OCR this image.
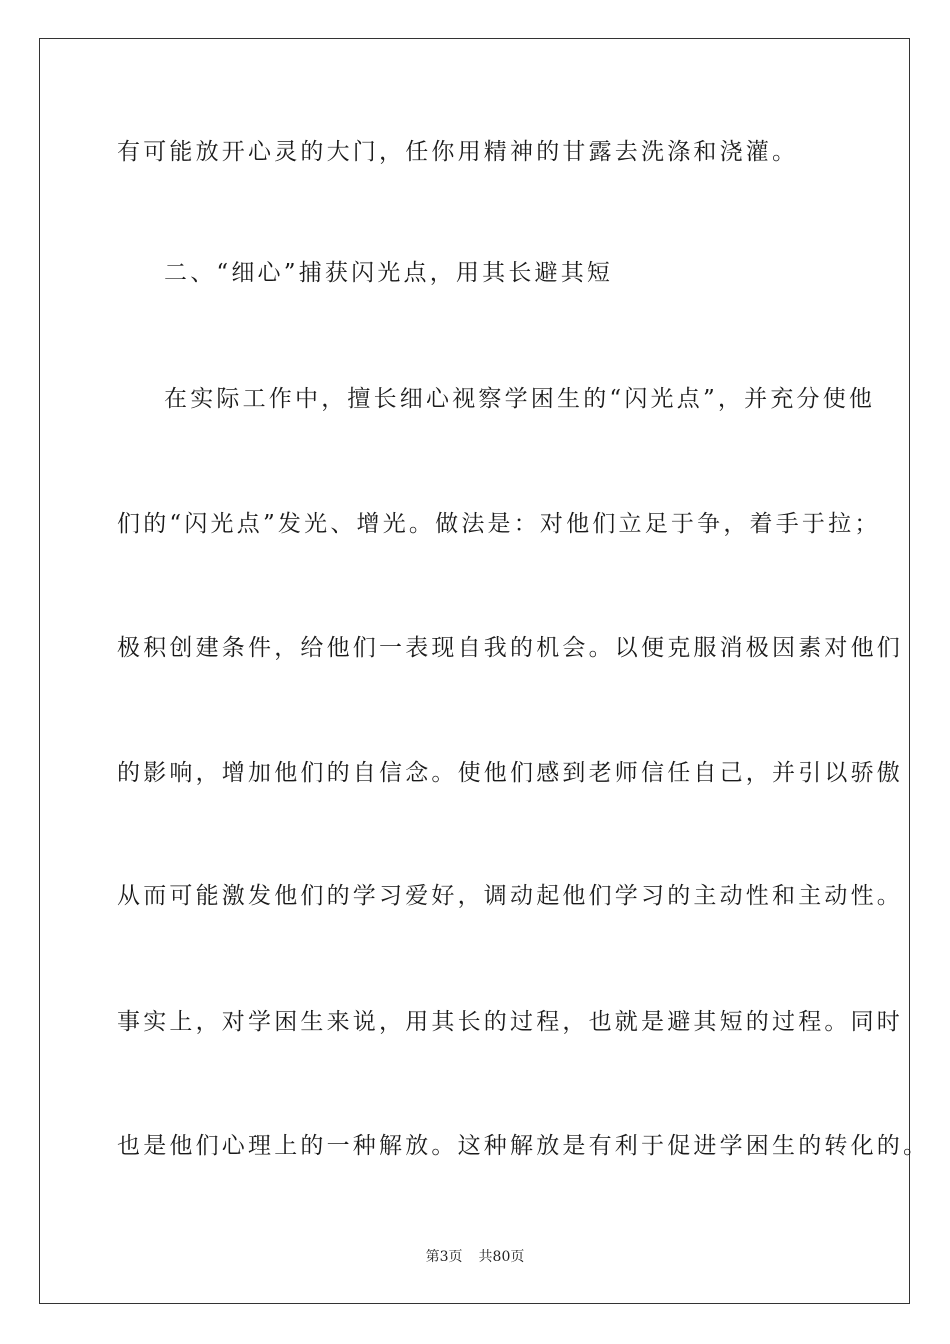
有可能放开心灵的大门，任你用精神的甘露去洗涤和浇灌。
二、“细心”捕获闪光点，用其长避其短
在实际工作中，擅长细心视察学困生的“闪光点”，并充分使他
们的“闪光点”发光、增光。做法是：对他们立足于争，着手于拉；
极积创建条件，给他们一表现自我的机会。以便克服消极因素对他们
的影响，增加他们的自信念。使他们感到老师信任自己，并引以骄傲
从而可能激发他们的学习爱好，调动起他们学习的主动性和主动性。
事实上，对学困生来说，用其长的过程，也就是避其短的过程。同时
也是他们心理上的一种解放。这种解放是有利于促进学困生的转化的。
第3页 共80页
